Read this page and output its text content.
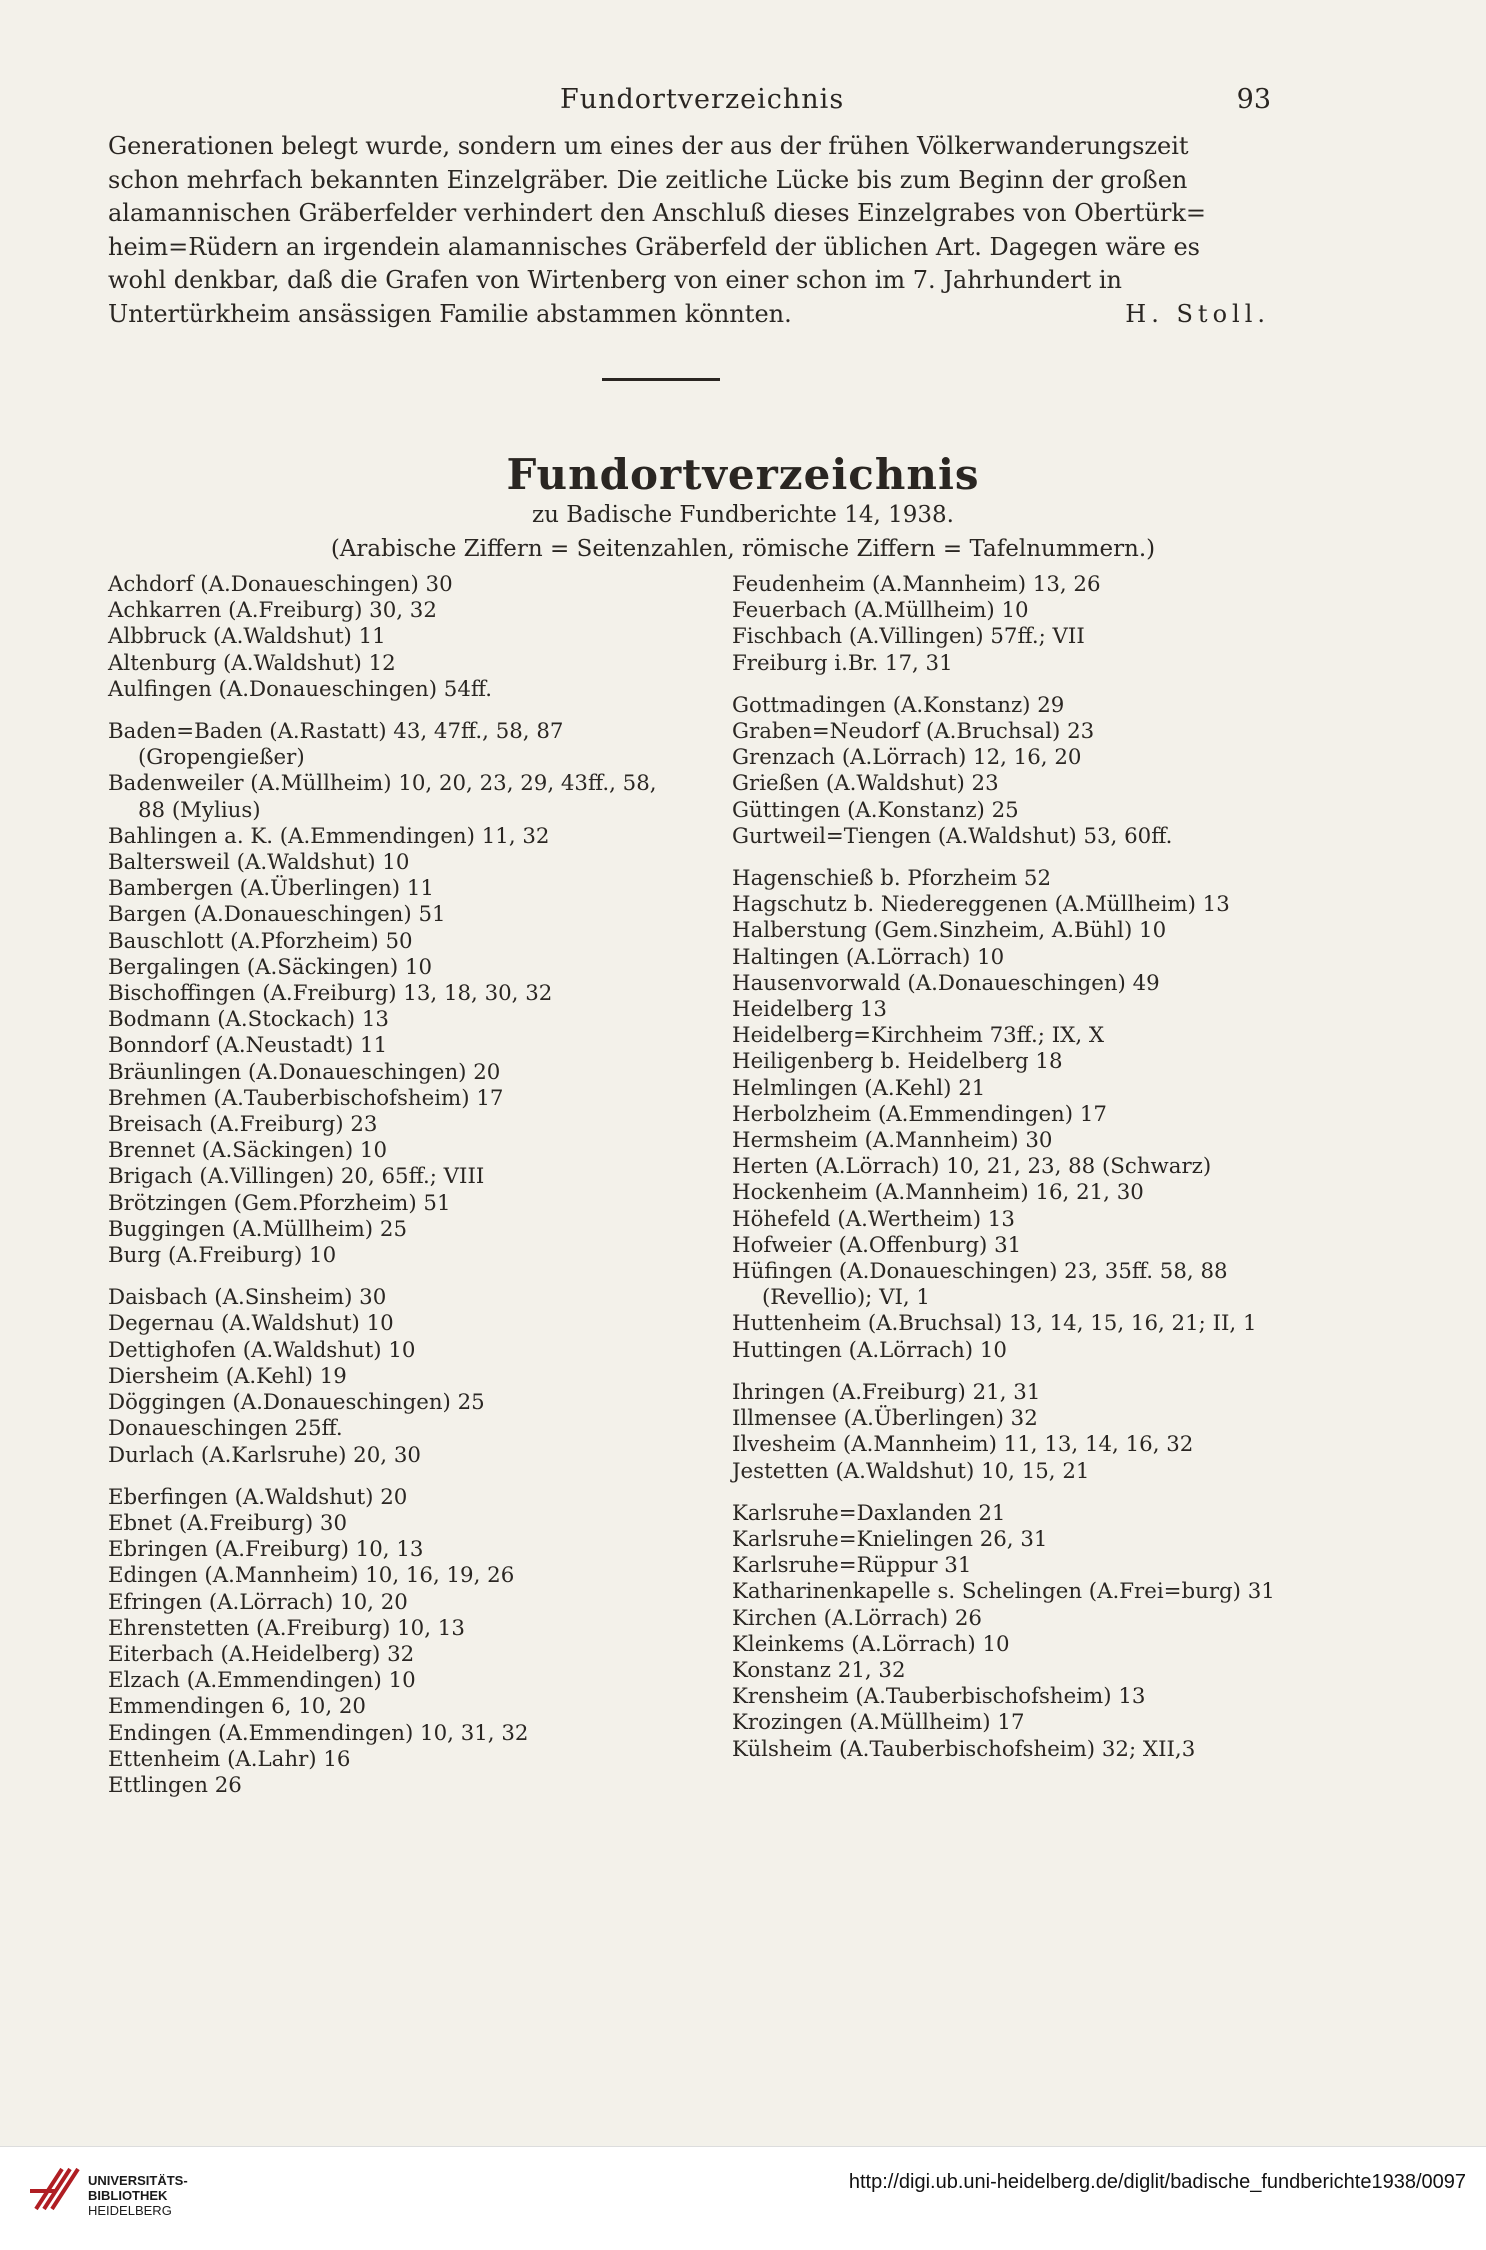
Fundortverzeichnis	93
Generationen belegt wurde, sondern um eines der aus der frühen Völkerwanderungszeit
schon mehrfach bekannten Einzelgräber. Die zeitliche Lücke bis zum Beginn der großen
alamannischen Gräberfelder verhindert den Anschluß dieses Einzelgrabes von Obertürk=
heim=Rüdern an irgendein alamannisches Gräberfeld der üblichen Art. Dagegen wäre es
wohl denkbar, daß die Grafen von Wirtenberg von einer schon im 7. Jahrhundert in
Untertürkheim ansässigen Familie abstammen könnten.	H. Stoll.
Fundortverzeichnis
zu Badische Fundberichte 14, 1938.
(Arabische Ziffern = Seitenzahlen, römische Ziffern = Tafelnummern.)
Achdorf (A.Donaueschingen) 30
Achkarren (A.Freiburg) 30, 32
Albbruck (A.Waldshut) 11
Altenburg (A.Waldshut) 12
Aulfingen (A.Donaueschingen) 54ff.
Baden=Baden (A.Rastatt) 43, 47ff., 58, 87 (Gropengießer)
Badenweiler (A.Müllheim) 10, 20, 23, 29, 43ff., 58, 88 (Mylius)
Bahlingen a. K. (A.Emmendingen) 11, 32
Baltersweil (A.Waldshut) 10
Bambergen (A.Überlingen) 11
Bargen (A.Donaueschingen) 51
Bauschlott (A.Pforzheim) 50
Bergalingen (A.Säckingen) 10
Bischoffingen (A.Freiburg) 13, 18, 30, 32
Bodmann (A.Stockach) 13
Bonndorf (A.Neustadt) 11
Bräunlingen (A.Donaueschingen) 20
Brehmen (A.Tauberbischofsheim) 17
Breisach (A.Freiburg) 23
Brennet (A.Säckingen) 10
Brigach (A.Villingen) 20, 65ff.; VIII
Brötzingen (Gem.Pforzheim) 51
Buggingen (A.Müllheim) 25
Burg (A.Freiburg) 10
Daisbach (A.Sinsheim) 30
Degernau (A.Waldshut) 10
Dettighofen (A.Waldshut) 10
Diersheim (A.Kehl) 19
Döggingen (A.Donaueschingen) 25
Donaueschingen 25ff.
Durlach (A.Karlsruhe) 20, 30
Eberfingen (A.Waldshut) 20
Ebnet (A.Freiburg) 30
Ebringen (A.Freiburg) 10, 13
Edingen (A.Mannheim) 10, 16, 19, 26
Efringen (A.Lörrach) 10, 20
Ehrenstetten (A.Freiburg) 10, 13
Eiterbach (A.Heidelberg) 32
Elzach (A.Emmendingen) 10
Emmendingen 6, 10, 20
Endingen (A.Emmendingen) 10, 31, 32
Ettenheim (A.Lahr) 16
Ettlingen 26
Feudenheim (A.Mannheim) 13, 26
Feuerbach (A.Müllheim) 10
Fischbach (A.Villingen) 57ff.; VII
Freiburg i.Br. 17, 31
Gottmadingen (A.Konstanz) 29
Graben=Neudorf (A.Bruchsal) 23
Grenzach (A.Lörrach) 12, 16, 20
Grießen (A.Waldshut) 23
Güttingen (A.Konstanz) 25
Gurtweil=Tiengen (A.Waldshut) 53, 60ff.
Hagenschieß b. Pforzheim 52
Hagschutz b. Niedereggenen (A.Müllheim) 13
Halberstung (Gem.Sinzheim, A.Bühl) 10
Haltingen (A.Lörrach) 10
Hausenvorwald (A.Donaueschingen) 49
Heidelberg 13
Heidelberg=Kirchheim 73ff.; IX, X
Heiligenberg b. Heidelberg 18
Helmlingen (A.Kehl) 21
Herbolzheim (A.Emmendingen) 17
Hermsheim (A.Mannheim) 30
Herten (A.Lörrach) 10, 21, 23, 88 (Schwarz)
Hockenheim (A.Mannheim) 16, 21, 30
Höhefeld (A.Wertheim) 13
Hofweier (A.Offenburg) 31
Hüfingen (A.Donaueschingen) 23, 35ff. 58, 88 (Revellio); VI, 1
Huttenheim (A.Bruchsal) 13, 14, 15, 16, 21; II, 1
Huttingen (A.Lörrach) 10
Ihringen (A.Freiburg) 21, 31
Illmensee (A.Überlingen) 32
Ilvesheim (A.Mannheim) 11, 13, 14, 16, 32
Jestetten (A.Waldshut) 10, 15, 21
Karlsruhe=Daxlanden 21
Karlsruhe=Knielingen 26, 31
Karlsruhe=Rüppur 31
Katharinenkapelle s. Schelingen (A.Frei=burg) 31
Kirchen (A.Lörrach) 26
Kleinkems (A.Lörrach) 10
Konstanz 21, 32
Krensheim (A.Tauberbischofsheim) 13
Krozingen (A.Müllheim) 17
Külsheim (A.Tauberbischofsheim) 32; XII,3
UNIVERSITÄTS-
BIBLIOTHEK
HEIDELBERG
http://digi.ub.uni-heidelberg.de/diglit/badische_fundberichte1938/0097
